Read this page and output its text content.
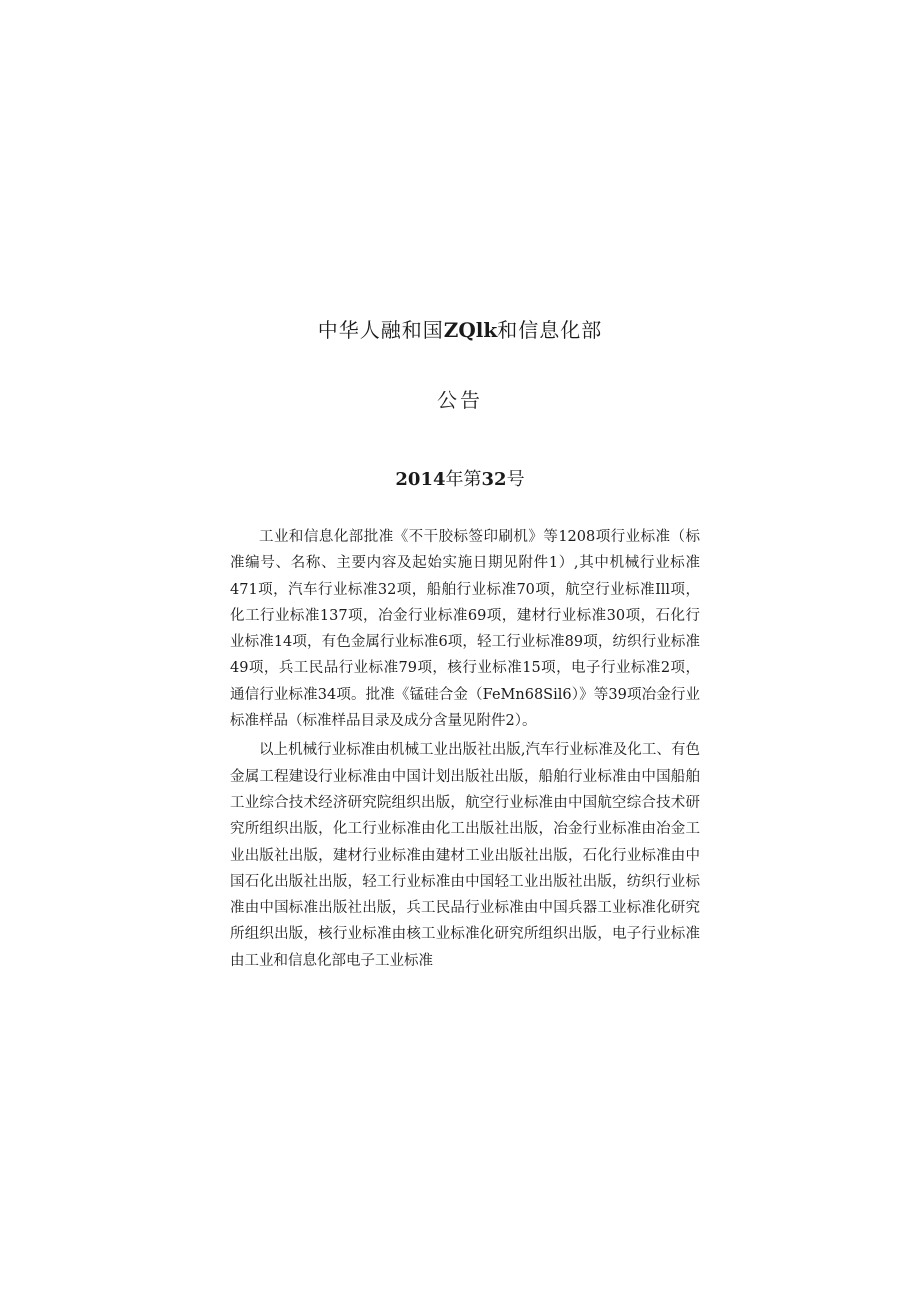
中华人融和国ZQlk和信息化部
公告
2014年第32号

工业和信息化部批准《不干胶标签印刷机》等1208项行业标准（标准编号、名称、主要内容及起始实施日期见附件1）,其中机械行业标准471项，汽车行业标准32项，船舶行业标准70项，航空行业标准Ill项，化工行业标准137项，冶金行业标准69项，建材行业标准30项，石化行业标准14项，有色金属行业标准6项，轻工行业标准89项，纺织行业标准49项，兵工民品行业标准79项，核行业标准15项，电子行业标准2项，通信行业标准34项。批准《锰硅合金（FeMn68Sil6）》等39项冶金行业标准样品（标准样品目录及成分含量见附件2）。

以上机械行业标准由机械工业出版社出版,汽车行业标准及化工、有色金属工程建设行业标准由中国计划出版社出版，船舶行业标准由中国船舶工业综合技术经济研究院组织出版，航空行业标准由中国航空综合技术研究所组织出版，化工行业标准由化工出版社出版，冶金行业标准由冶金工业出版社出版，建材行业标准由建材工业出版社出版，石化行业标准由中国石化出版社出版，轻工行业标准由中国轻工业出版社出版，纺织行业标准由中国标准出版社出版，兵工民品行业标准由中国兵器工业标准化研究所组织出版，核行业标准由核工业标准化研究所组织出版，电子行业标准由工业和信息化部电子工业标准
